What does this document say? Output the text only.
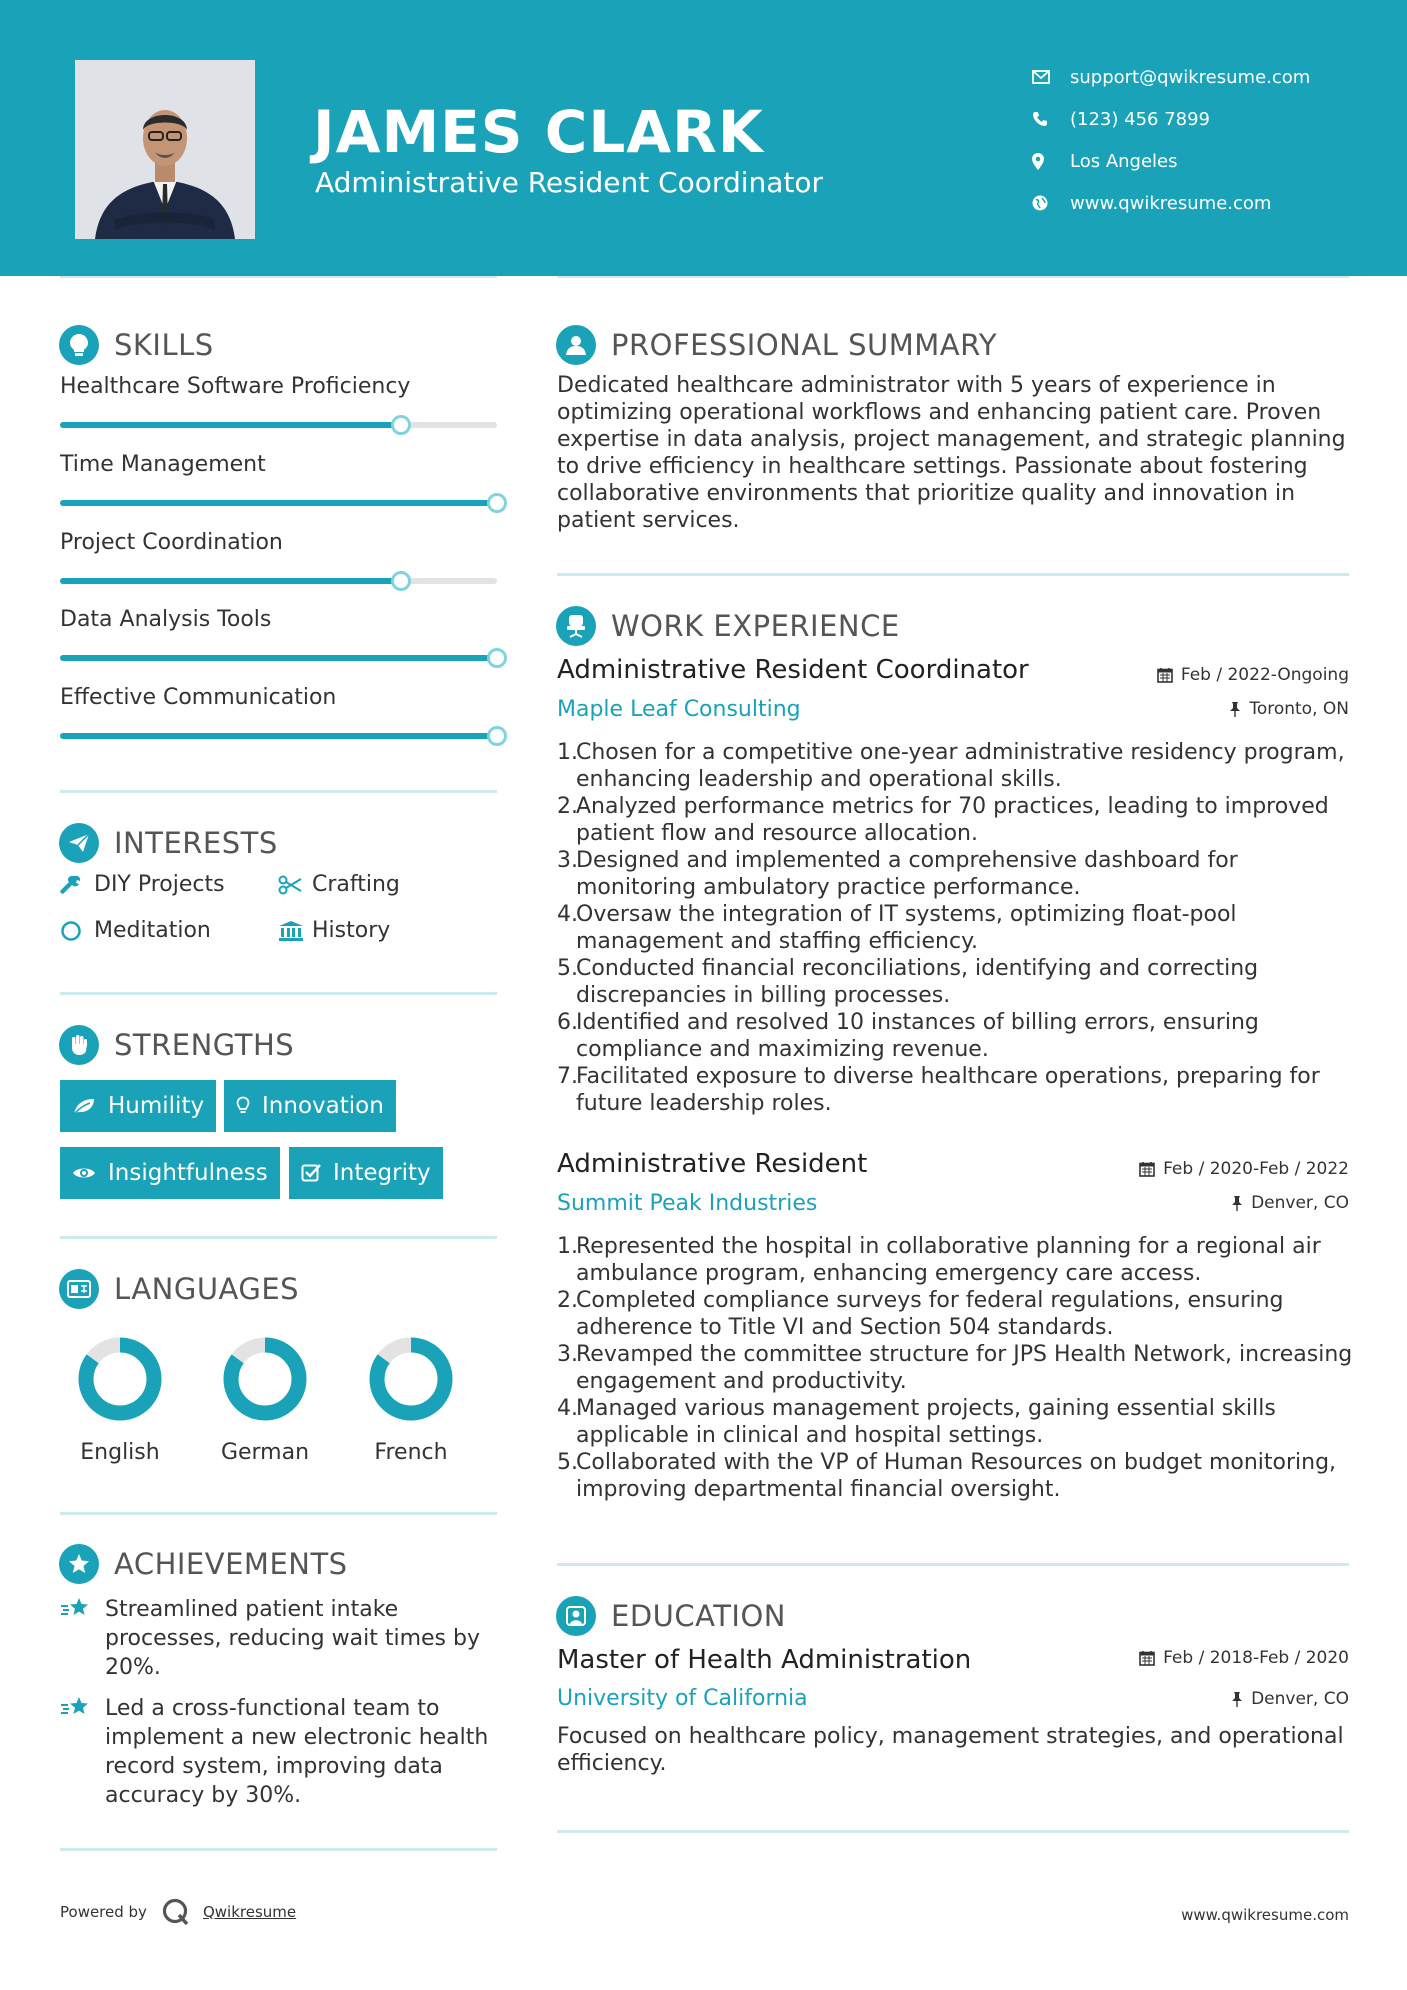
JAMES CLARK
Administrative Resident Coordinator
support@qwikresume.com
(123) 456 7899
Los Angeles
www.qwikresume.com
SKILLS
Healthcare Software Proficiency
Time Management
Project Coordination
Data Analysis Tools
Effective Communication
INTERESTS
DIY Projects	Crafting
Meditation	History
STRENGTHS
Humility	Innovation
Insightfulness	Integrity
LANGUAGES
English	German	French
ACHIEVEMENTS
Streamlined patient intake processes, reducing wait times by 20%.
Led a cross-functional team to implement a new electronic health record system, improving data accuracy by 30%.
PROFESSIONAL SUMMARY
Dedicated healthcare administrator with 5 years of experience in optimizing operational workflows and enhancing patient care. Proven expertise in data analysis, project management, and strategic planning to drive efficiency in healthcare settings. Passionate about fostering collaborative environments that prioritize quality and innovation in patient services.
WORK EXPERIENCE
Administrative Resident Coordinator	Feb / 2022-Ongoing
Maple Leaf Consulting	Toronto, ON
1.
Chosen for a competitive one-year administrative residency program, enhancing leadership and operational skills.
2.
Analyzed performance metrics for 70 practices, leading to improved patient flow and resource allocation.
3.
Designed and implemented a comprehensive dashboard for monitoring ambulatory practice performance.
4.
Oversaw the integration of IT systems, optimizing float-pool management and staffing efficiency.
5.
Conducted financial reconciliations, identifying and correcting discrepancies in billing processes.
6.
Identified and resolved 10 instances of billing errors, ensuring compliance and maximizing revenue.
7.
Facilitated exposure to diverse healthcare operations, preparing for future leadership roles.
Administrative Resident	Feb / 2020-Feb / 2022
Summit Peak Industries	Denver, CO
1.
Represented the hospital in collaborative planning for a regional air ambulance program, enhancing emergency care access.
2.
Completed compliance surveys for federal regulations, ensuring adherence to Title VI and Section 504 standards.
3.
Revamped the committee structure for JPS Health Network, increasing engagement and productivity.
4.
Managed various management projects, gaining essential skills applicable in clinical and hospital settings.
5.
Collaborated with the VP of Human Resources on budget monitoring, improving departmental financial oversight.
EDUCATION
Master of Health Administration	Feb / 2018-Feb / 2020
University of California	Denver, CO
Focused on healthcare policy, management strategies, and operational efficiency.
Powered by	Qwikresume	www.qwikresume.com
